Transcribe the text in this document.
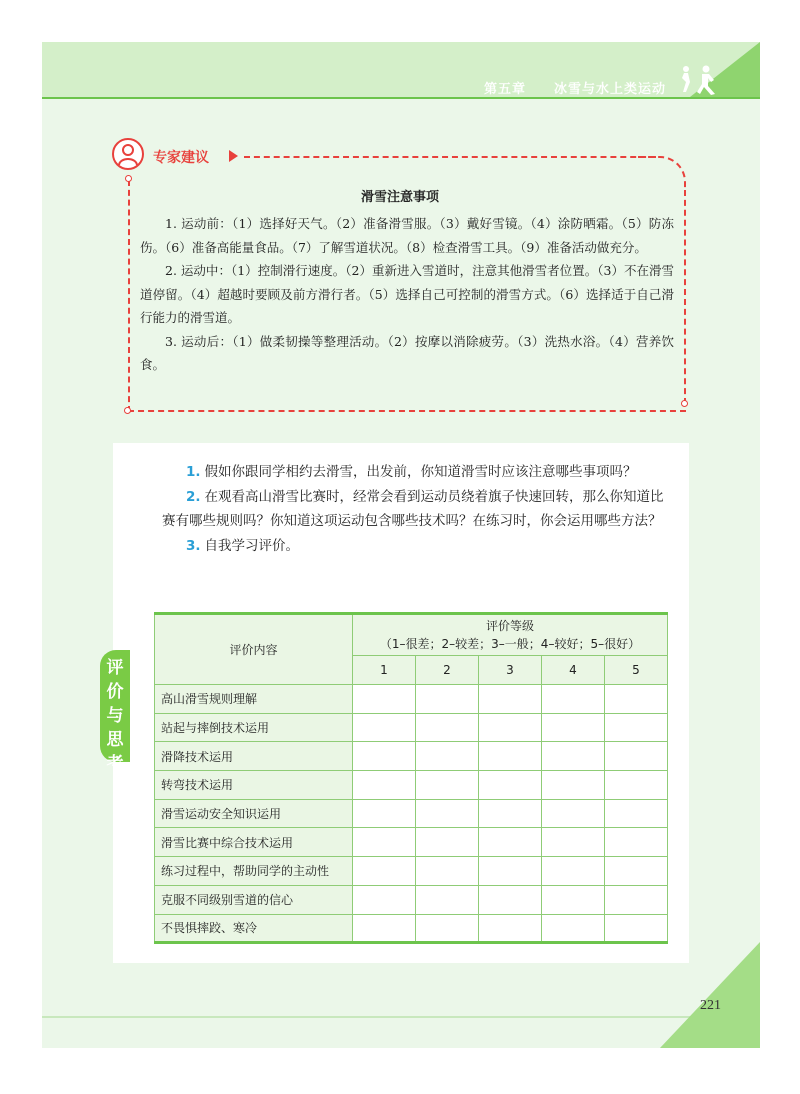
第五章 冰雪与水上类运动
专家建议
滑雪注意事项

1. 运动前：（1）选择好天气。（2）准备滑雪服。（3）戴好雪镜。（4）涂防晒霜。（5）防冻伤。（6）准备高能量食品。（7）了解雪道状况。（8）检查滑雪工具。（9）准备活动做充分。

2. 运动中：（1）控制滑行速度。（2）重新进入雪道时，注意其他滑雪者位置。（3）不在滑雪道停留。（4）超越时要顾及前方滑行者。（5）选择自己可控制的滑雪方式。（6）选择适于自己滑行能力的滑雪道。

3. 运动后：（1）做柔韧操等整理活动。（2）按摩以消除疲劳。（3）洗热水浴。（4）营养饮食。

1. 假如你跟同学相约去滑雪，出发前，你知道滑雪时应该注意哪些事项吗？

2. 在观看高山滑雪比赛时，经常会看到运动员绕着旗子快速回转，那么你知道比赛有哪些规则吗？你知道这项运动包含哪些技术吗？在练习时，你会运用哪些方法？

3. 自我学习评价。

评价与思考
评价内容	评价等级
（1–很差；2–较差；3–一般；4–较好；5–很好）				

	1	2	3	4	5
高山滑雪规则理解					
站起与摔倒技术运用					
滑降技术运用					
转弯技术运用					
滑雪运动安全知识运用					
滑雪比赛中综合技术运用					
练习过程中，帮助同学的主动性					
克服不同级别雪道的信心					
不畏惧摔跤、寒冷					
221
